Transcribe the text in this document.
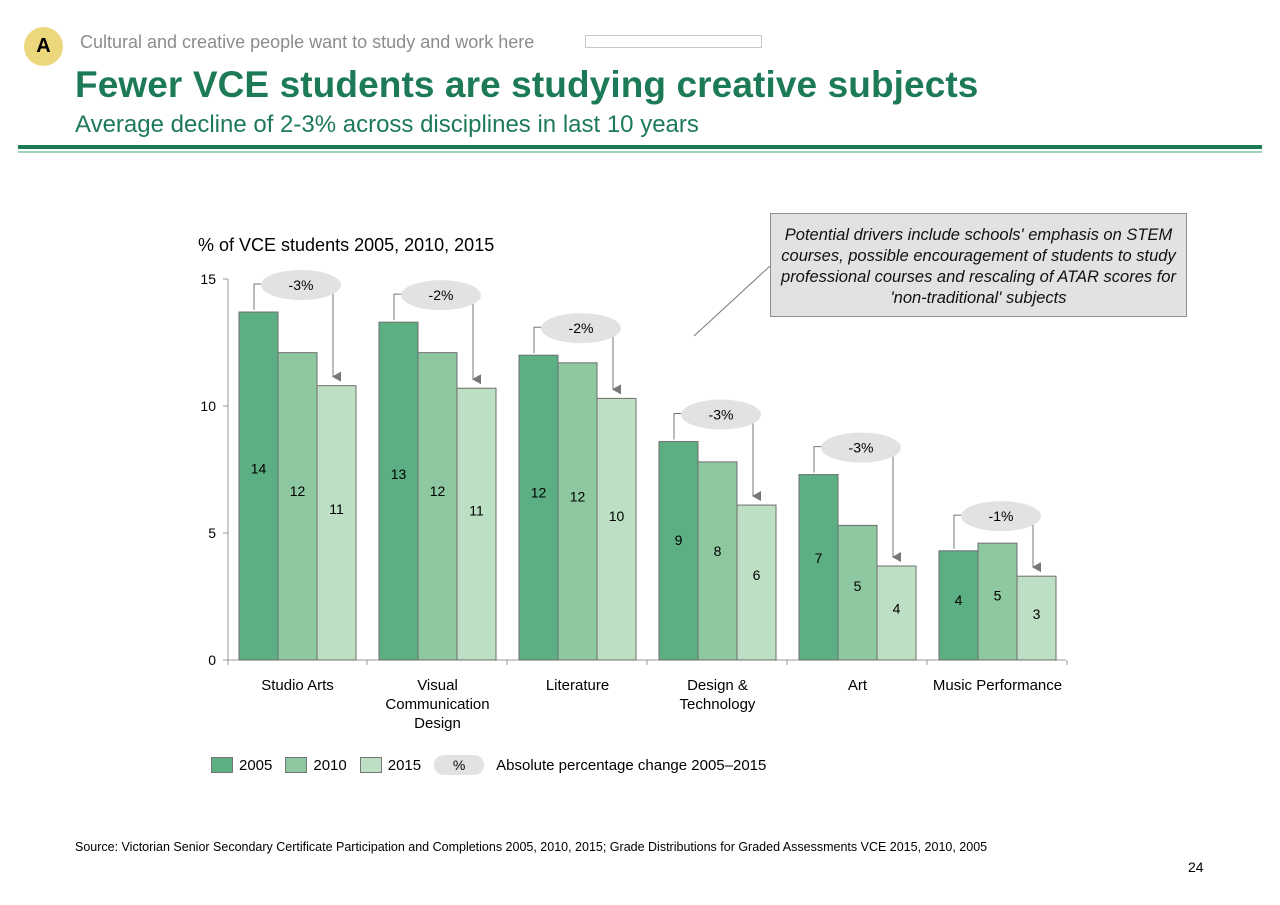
A	Cultural and creative people want to study and work here
Fewer VCE students are studying creative subjects
Average decline of 2-3% across disciplines in last 10 years
% of VCE students 2005, 2010, 2015
0
5
10
15
14
12
11
-3%
Studio Arts
13
12
11
-2%
Visual
Communication
Design
12 12
10
-2%
Literature
9
8
6
-3%
Design &
Technology
7
5
4
-3%
Art
4 5
3
-1%
Music Performance
Potential drivers include schools' emphasis on STEM courses, possible encouragement of students to study professional courses and rescaling of ATAR scores for 'non-traditional' subjects
2005	2010	2015	%	Absolute percentage change 2005–2015
Source: Victorian Senior Secondary Certificate Participation and Completions 2005, 2010, 2015; Grade Distributions for Graded Assessments VCE 2015, 2010, 2005
24
